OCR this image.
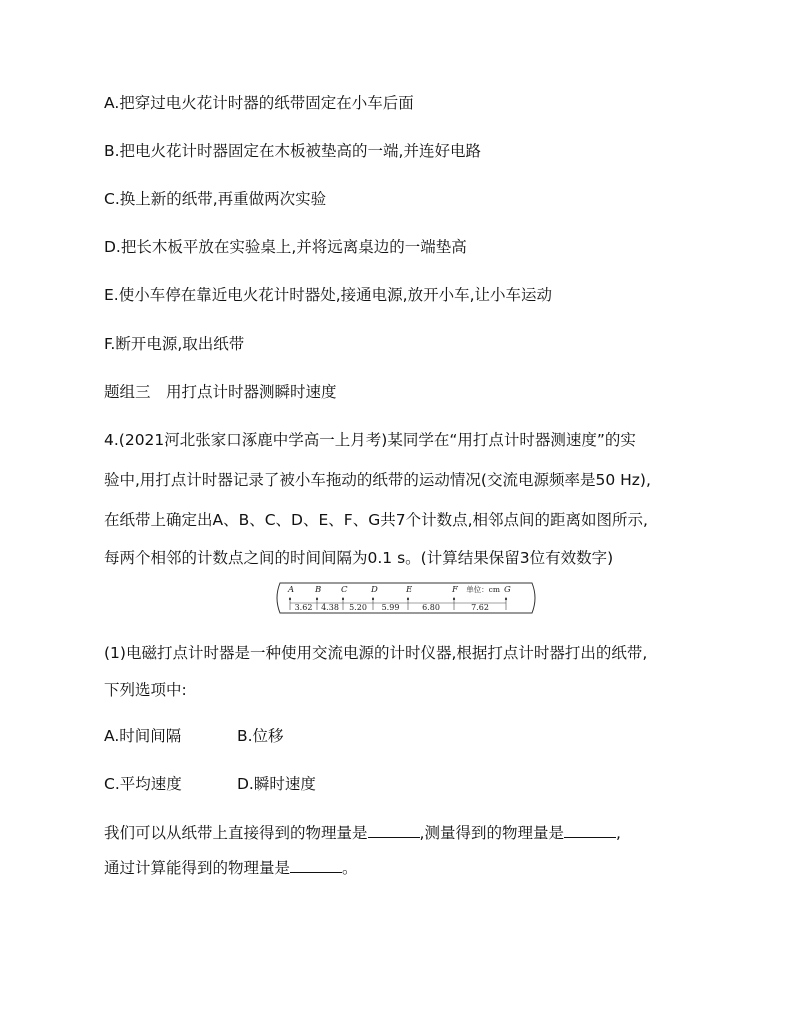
A.把穿过电火花计时器的纸带固定在小车后面
B.把电火花计时器固定在木板被垫高的一端,并连好电路
C.换上新的纸带,再重做两次实验
D.把长木板平放在实验桌上,并将远离桌边的一端垫高
E.使小车停在靠近电火花计时器处,接通电源,放开小车,让小车运动
F.断开电源,取出纸带
题组三　用打点计时器测瞬时速度
4.(2021河北张家口涿鹿中学高一上月考)某同学在“用打点计时器测速度”的实
验中,用打点计时器记录了被小车拖动的纸带的运动情况(交流电源频率是50 Hz),
在纸带上确定出A、B、C、D、E、F、G共7个计数点,相邻点间的距离如图所示,
每两个相邻的计数点之间的时间间隔为0.1 s。(计算结果保留3位有效数字)
A B C	D	E	F	G
3.62 4.38 5.20 5.99	6.80	7.62
单位：cm
(1)电磁打点计时器是一种使用交流电源的计时仪器,根据打点计时器打出的纸带,
下列选项中:
A.时间间隔	B.位移
C.平均速度	D.瞬时速度
我们可以从纸带上直接得到的物理量是	,测量得到的物理量是	,
通过计算能得到的物理量是	。
